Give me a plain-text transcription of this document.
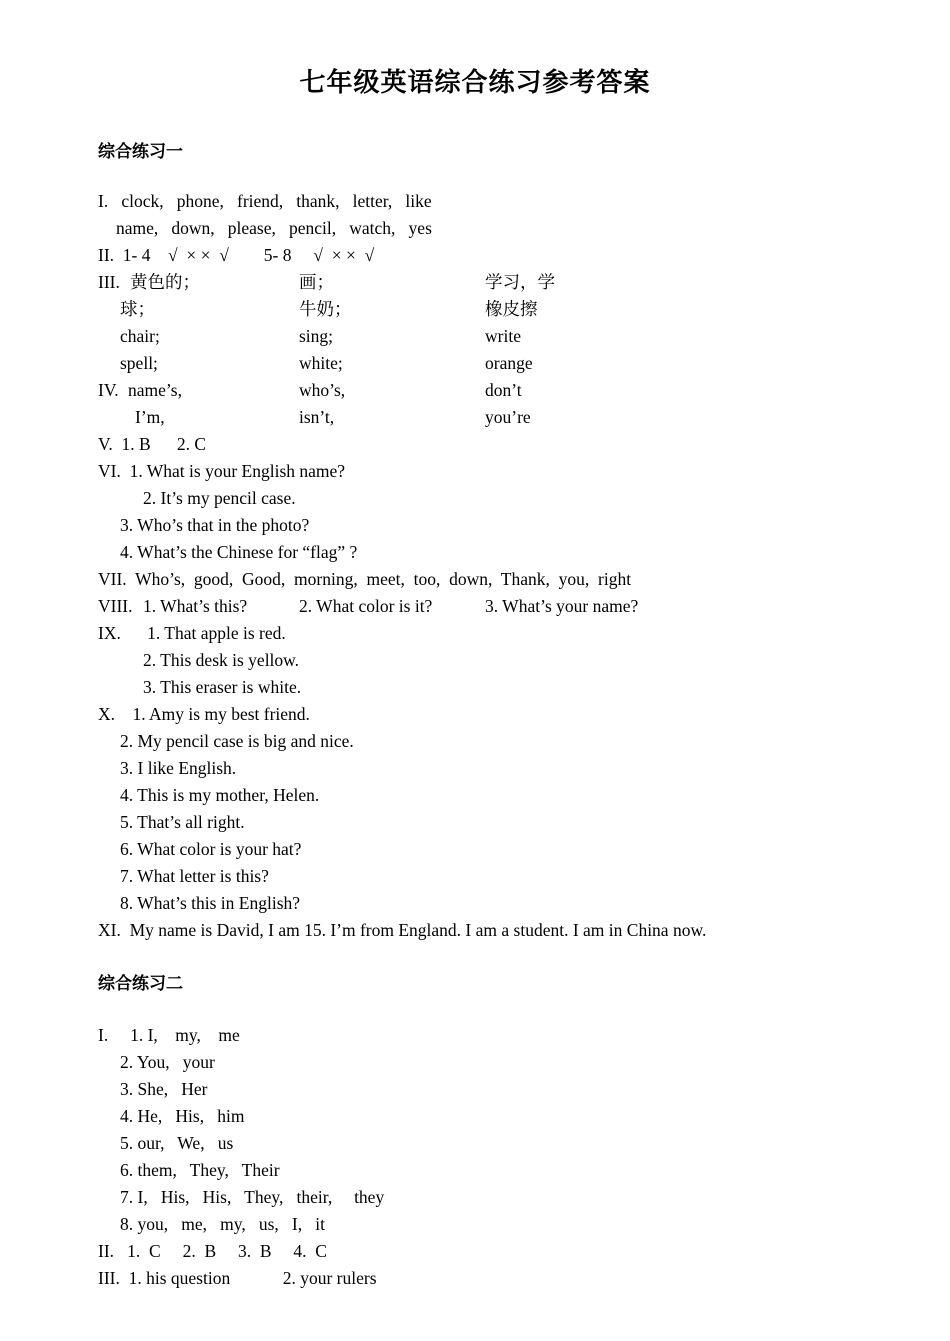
七年级英语综合练习参考答案
综合练习一
I.   clock,   phone,   friend,   thank,   letter,   like
name,   down,   please,   pencil,   watch,   yes
II.  1- 4    √  × ×  √        5- 8     √  × ×  √
III. 黄色的；	画；	学习，学
球；	牛奶；	橡皮擦
chair;	sing;	write
spell;	white;	orange
IV. name’s,	who’s,	don’t
I’m,	isn’t,	you’re
V.  1. B      2. C
VI.  1. What is your English name?
2. It’s my pencil case.
3. Who’s that in the photo?
4. What’s the Chinese for “flag” ?
VII.  Who’s,  good,  Good,  morning,  meet,  too,  down,  Thank,  you,  right
VIII. 1. What’s this?	2. What color is it?	3. What’s your name?
IX.      1. That apple is red.
2. This desk is yellow.
3. This eraser is white.
X.    1. Amy is my best friend.
2. My pencil case is big and nice.
3. I like English.
4. This is my mother, Helen.
5. That’s all right.
6. What color is your hat?
7. What letter is this?
8. What’s this in English?
XI.  My name is David, I am 15. I’m from England. I am a student. I am in China now.
综合练习二
I.     1. I,    my,    me
2. You,   your
3. She,   Her
4. He,   His,   him
5. our,   We,   us
6. them,   They,   Their
7. I,   His,   His,   They,   their,     they
8. you,   me,   my,   us,   I,   it
II.   1.  C     2.  B     3.  B     4.  C
III.  1. his question            2. your rulers
